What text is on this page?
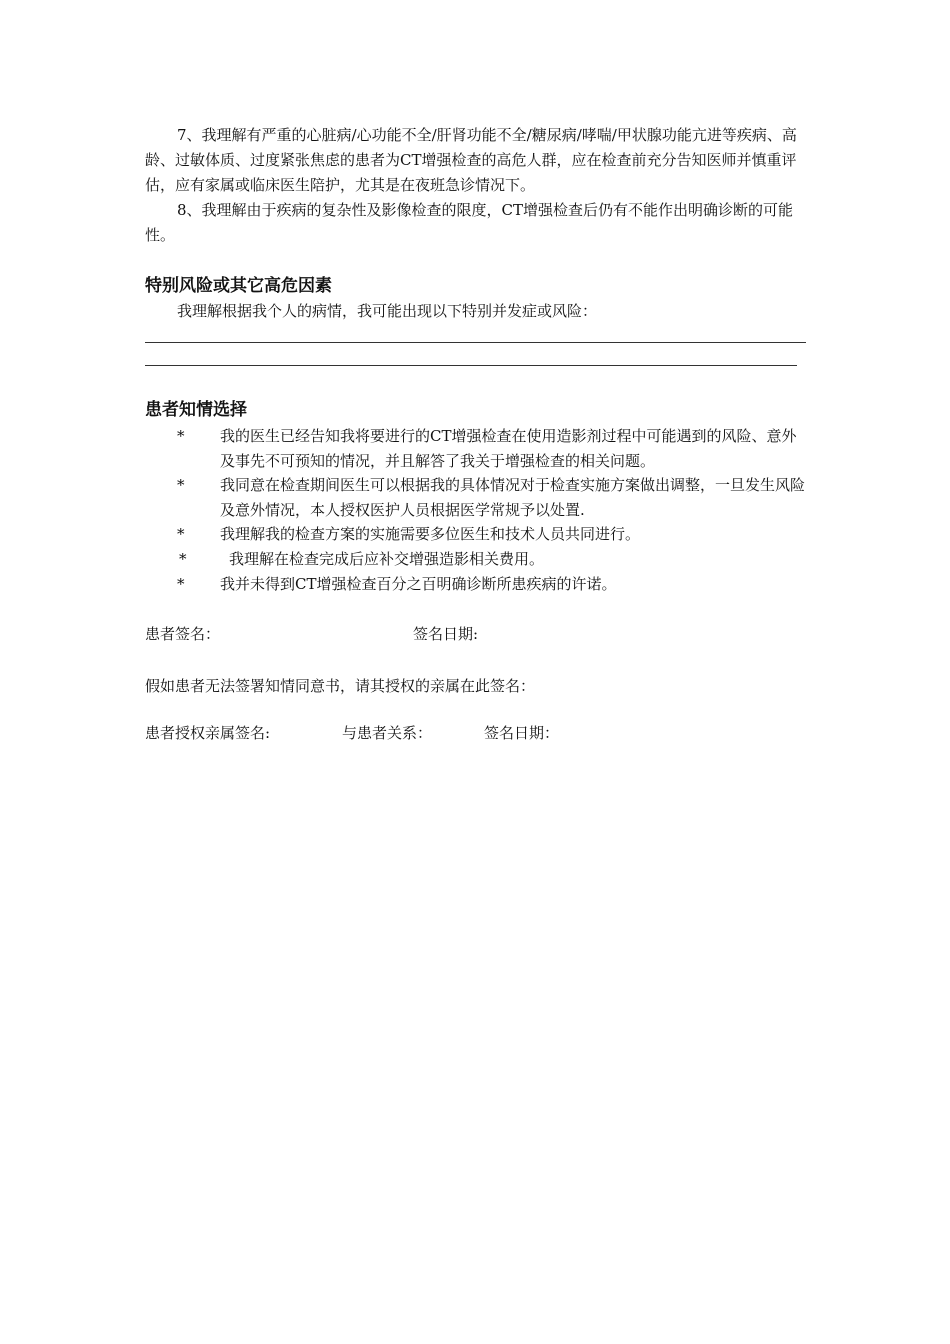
7、我理解有严重的心脏病/心功能不全/肝肾功能不全/糖尿病/哮喘/甲状腺功能亢进等疾病、高龄、过敏体质、过度紧张焦虑的患者为CT增强检查的高危人群，应在检查前充分告知医师并慎重评估，应有家属或临床医生陪护，尤其是在夜班急诊情况下。

8、我理解由于疾病的复杂性及影像检查的限度，CT增强检查后仍有不能作出明确诊断的可能性。

特别风险或其它高危因素

我理解根据我个人的病情，我可能出现以下特别并发症或风险：

患者知情选择
*	我的医生已经告知我将要进行的CT增强检查在使用造影剂过程中可能遇到的风险、意外及事先不可预知的情况，并且解答了我关于增强检查的相关问题。
*	我同意在检查期间医生可以根据我的具体情况对于检查实施方案做出调整，一旦发生风险及意外情况，本人授权医护人员根据医学常规予以处置.
*	我理解我的检查方案的实施需要多位医生和技术人员共同进行。
*	我理解在检查完成后应补交增强造影相关费用。
*	我并未得到CT增强检查百分之百明确诊断所患疾病的许诺。
患者签名：	签名日期:
假如患者无法签署知情同意书，请其授权的亲属在此签名：
患者授权亲属签名:	与患者关系：	签名日期：
